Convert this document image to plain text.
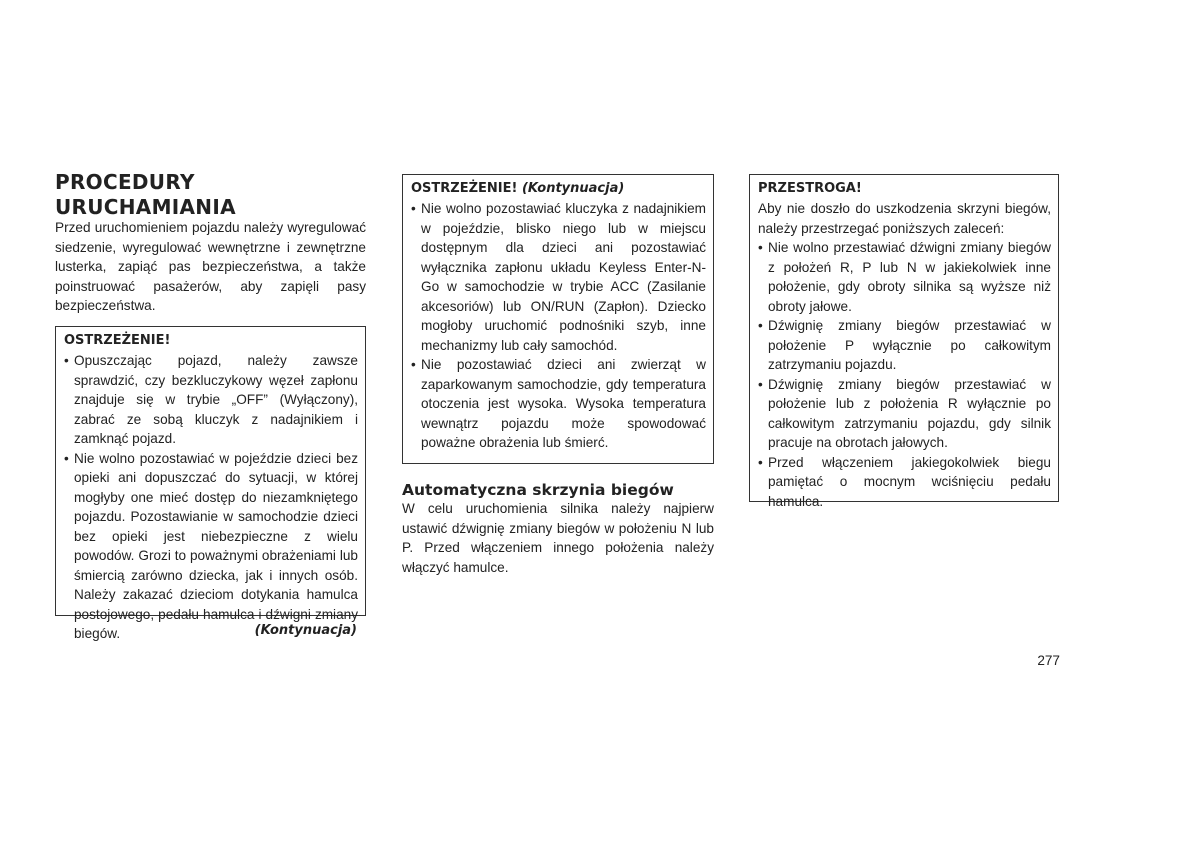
PROCEDURY
URUCHAMIANIA

Przed uruchomieniem pojazdu należy wyregulować siedzenie, wyregulować wewnętrzne i zewnętrzne lusterka, zapiąć pas bezpieczeństwa, a także poinstruować pasażerów, aby zapięli pasy bezpieczeństwa.

OSTRZEŻENIE!
• Opuszczając pojazd, należy zawsze sprawdzić, czy bezkluczykowy węzeł zapłonu znajduje się w trybie „OFF” (Wyłączony), zabrać ze sobą kluczyk z nadajnikiem i zamknąć pojazd.
• Nie wolno pozostawiać w pojeździe dzieci bez opieki ani dopuszczać do sytuacji, w której mogłyby one mieć dostęp do niezamkniętego pojazdu. Pozostawianie w samochodzie dzieci bez opieki jest niebezpieczne z wielu powodów. Grozi to poważnymi obrażeniami lub śmiercią zarówno dziecka, jak i innych osób. Należy zakazać dzieciom dotykania hamulca postojowego, pedału hamulca i dźwigni zmiany biegów.	(Kontynuacja)
OSTRZEŻENIE! (Kontynuacja)
• Nie wolno pozostawiać kluczyka z nadajnikiem w pojeździe, blisko niego lub w miejscu dostępnym dla dzieci ani pozostawiać wyłącznika zapłonu układu Keyless Enter-N-Go w samochodzie w trybie ACC (Zasilanie akcesoriów) lub ON/RUN (Zapłon). Dziecko mogłoby uruchomić podnośniki szyb, inne mechanizmy lub cały samochód.
• Nie pozostawiać dzieci ani zwierząt w zaparkowanym samochodzie, gdy temperatura otoczenia jest wysoka. Wysoka temperatura wewnątrz pojazdu może spowodować poważne obrażenia lub śmierć.
Automatyczna skrzynia biegów

W celu uruchomienia silnika należy najpierw ustawić dźwignię zmiany biegów w położeniu N lub P. Przed włączeniem innego położenia należy włączyć hamulce.

PRZESTROGA!

Aby nie doszło do uszkodzenia skrzyni biegów, należy przestrzegać poniższych zaleceń:

• Nie wolno przestawiać dźwigni zmiany biegów z położeń R, P lub N w jakiekolwiek inne położenie, gdy obroty silnika są wyższe niż obroty jałowe.
• Dźwignię zmiany biegów przestawiać w położenie P wyłącznie po całkowitym zatrzymaniu pojazdu.
• Dźwignię zmiany biegów przestawiać w położenie lub z położenia R wyłącznie po całkowitym zatrzymaniu pojazdu, gdy silnik pracuje na obrotach jałowych.
• Przed włączeniem jakiegokolwiek biegu pamiętać o mocnym wciśnięciu pedału hamulca.
277
